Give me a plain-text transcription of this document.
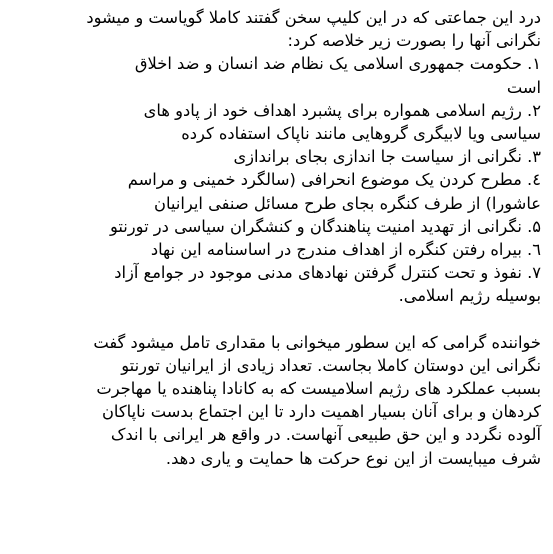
درد این جماعتی که در این کلیپ سخن گفتند کاملا گویاست و میشود
نگرانی آنها را بصورت زیر خلاصه کرد:
۱. حکومت جمهوری اسلامی یک نظام ضد انسان و ضد اخلاق
است
۲. رژیم اسلامی همواره برای پشبرد اهداف خود از پادو های
سیاسی ویا لابیگری گروهایی مانند ناپاک استفاده کرده
۳. نگرانی از سیاست جا اندازی بجای براندازی
٤. مطرح کردن یک موضوع انحرافی (سالگرد خمینی و مراسم
عاشورا) از طرف کنگره بجای طرح مسائل صنفی ایرانیان
۵. نگرانی از تهدید امنیت پناهندگان و کنشگران سیاسی در تورنتو
٦. بیراه رفتن کنگره از اهداف مندرج در اساسنامه این نهاد
۷. نفوذ و تحت کنترل گرفتن نهادهای مدنی موجود در جوامع آزاد
بوسیله رژیم اسلامی.
خواننده گرامی که این سطور میخوانی با مقداری تامل میشود گفت
نگرانی این دوستان کاملا بجاست. تعداد زیادی از ایرانیان تورنتو
بسبب عملکرد های رژیم اسلامیست که به کانادا پناهنده یا مهاجرت
کردهان و برای آنان بسیار اهمیت دارد تا این اجتماع بدست ناپاکان
آلوده نگردد و این حق طبیعی آنهاست. در واقع هر ایرانی با اندک
شرف میبایست از این نوع حرکت ها حمایت و یاری دهد.
